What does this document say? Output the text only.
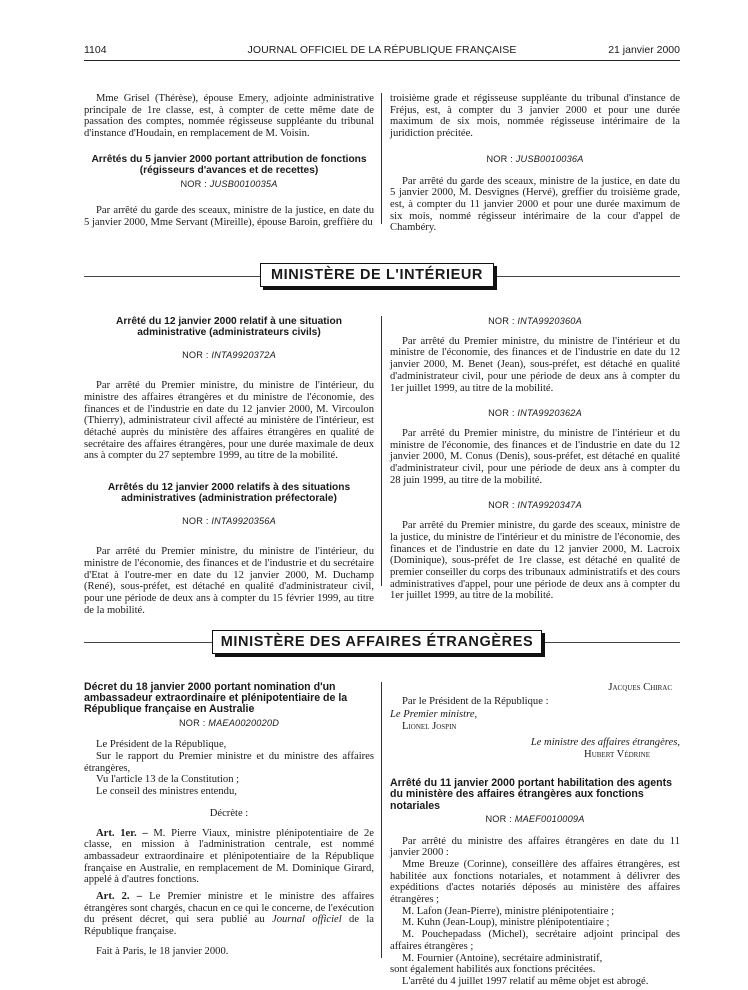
1104	JOURNAL OFFICIEL DE LA RÉPUBLIQUE FRANÇAISE	21 janvier 2000

Mme Grisel (Thérèse), épouse Emery, adjointe administrative principale de 1re classe, est, à compter de cette même date de passation des comptes, nommée régisseuse suppléante du tribunal d'instance d'Houdain, en remplacement de M. Voisin.

Arrêtés du 5 janvier 2000 portant attribution de fonctions (régisseurs d'avances et de recettes)
NOR : JUSB0010035A

Par arrêté du garde des sceaux, ministre de la justice, en date du 5 janvier 2000, Mme Servant (Mireille), épouse Baroin, greffière du

troisième grade et régisseuse suppléante du tribunal d'instance de Fréjus, est, à compter du 3 janvier 2000 et pour une durée maximum de six mois, nommée régisseuse intérimaire de la juridiction précitée.

NOR : JUSB0010036A

Par arrêté du garde des sceaux, ministre de la justice, en date du 5 janvier 2000, M. Desvignes (Hervé), greffier du troisième grade, est, à compter du 11 janvier 2000 et pour une durée maximum de six mois, nommé régisseur intérimaire de la cour d'appel de Chambéry.

MINISTÈRE DE L'INTÉRIEUR
Arrêté du 12 janvier 2000 relatif à une situation administrative (administrateurs civils)
NOR : INTA9920372A

Par arrêté du Premier ministre, du ministre de l'intérieur, du ministre des affaires étrangères et du ministre de l'économie, des finances et de l'industrie en date du 12 janvier 2000, M. Vircoulon (Thierry), administrateur civil affecté au ministère de l'intérieur, est détaché auprès du ministère des affaires étrangères en qualité de secrétaire des affaires étrangères, pour une durée maximale de deux ans à compter du 27 septembre 1999, au titre de la mobilité.

Arrêtés du 12 janvier 2000 relatifs à des situations administratives (administration préfectorale)
NOR : INTA9920356A

Par arrêté du Premier ministre, du ministre de l'intérieur, du ministre de l'économie, des finances et de l'industrie et du secrétaire d'Etat à l'outre-mer en date du 12 janvier 2000, M. Duchamp (René), sous-préfet, est détaché en qualité d'administrateur civil, pour une période de deux ans à compter du 15 février 1999, au titre de la mobilité.

NOR : INTA9920360A

Par arrêté du Premier ministre, du ministre de l'intérieur et du ministre de l'économie, des finances et de l'industrie en date du 12 janvier 2000, M. Benet (Jean), sous-préfet, est détaché en qualité d'administrateur civil, pour une période de deux ans à compter du 1er juillet 1999, au titre de la mobilité.

NOR : INTA9920362A

Par arrêté du Premier ministre, du ministre de l'intérieur et du ministre de l'économie, des finances et de l'industrie en date du 12 janvier 2000, M. Conus (Denis), sous-préfet, est détaché en qualité d'administrateur civil, pour une période de deux ans à compter du 28 juin 1999, au titre de la mobilité.

NOR : INTA9920347A

Par arrêté du Premier ministre, du garde des sceaux, ministre de la justice, du ministre de l'intérieur et du ministre de l'économie, des finances et de l'industrie en date du 12 janvier 2000, M. Lacroix (Dominique), sous-préfet de 1re classe, est détaché en qualité de premier conseiller du corps des tribunaux administratifs et des cours administratives d'appel, pour une période de deux ans à compter du 1er juillet 1999, au titre de la mobilité.

MINISTÈRE DES AFFAIRES ÉTRANGÈRES
Décret du 18 janvier 2000 portant nomination d'un ambassadeur extraordinaire et plénipotentiaire de la République française en Australie
NOR : MAEA0020020D

Le Président de la République,

Sur le rapport du Premier ministre et du ministre des affaires étrangères,

Vu l'article 13 de la Constitution ;

Le conseil des ministres entendu,

Décrète :

Art. 1er. – M. Pierre Viaux, ministre plénipotentiaire de 2e classe, en mission à l'administration centrale, est nommé ambassadeur extraordinaire et plénipotentiaire de la République française en Australie, en remplacement de M. Dominique Girard, appelé à d'autres fonctions.

Art. 2. – Le Premier ministre et le ministre des affaires étrangères sont chargés, chacun en ce qui le concerne, de l'exécution du présent décret, qui sera publié au Journal officiel de la République française.

Fait à Paris, le 18 janvier 2000.

Jacques Chirac

Par le Président de la République :

Le Premier ministre,

Lionel Jospin

Le ministre des affaires étrangères,

Hubert Védrine

Arrêté du 11 janvier 2000 portant habilitation des agents du ministère des affaires étrangères aux fonctions notariales
NOR : MAEF0010009A

Par arrêté du ministre des affaires étrangères en date du 11 janvier 2000 :

Mme Breuze (Corinne), conseillère des affaires étrangères, est habilitée aux fonctions notariales, et notamment à délivrer des expéditions d'actes notariés déposés au ministère des affaires étrangères ;

M. Lafon (Jean-Pierre), ministre plénipotentiaire ;

M. Kuhn (Jean-Loup), ministre plénipotentiaire ;

M. Pouchepadass (Michel), secrétaire adjoint principal des affaires étrangères ;

M. Fournier (Antoine), secrétaire administratif,

sont également habilités aux fonctions précitées.

L'arrêté du 4 juillet 1997 relatif au même objet est abrogé.
